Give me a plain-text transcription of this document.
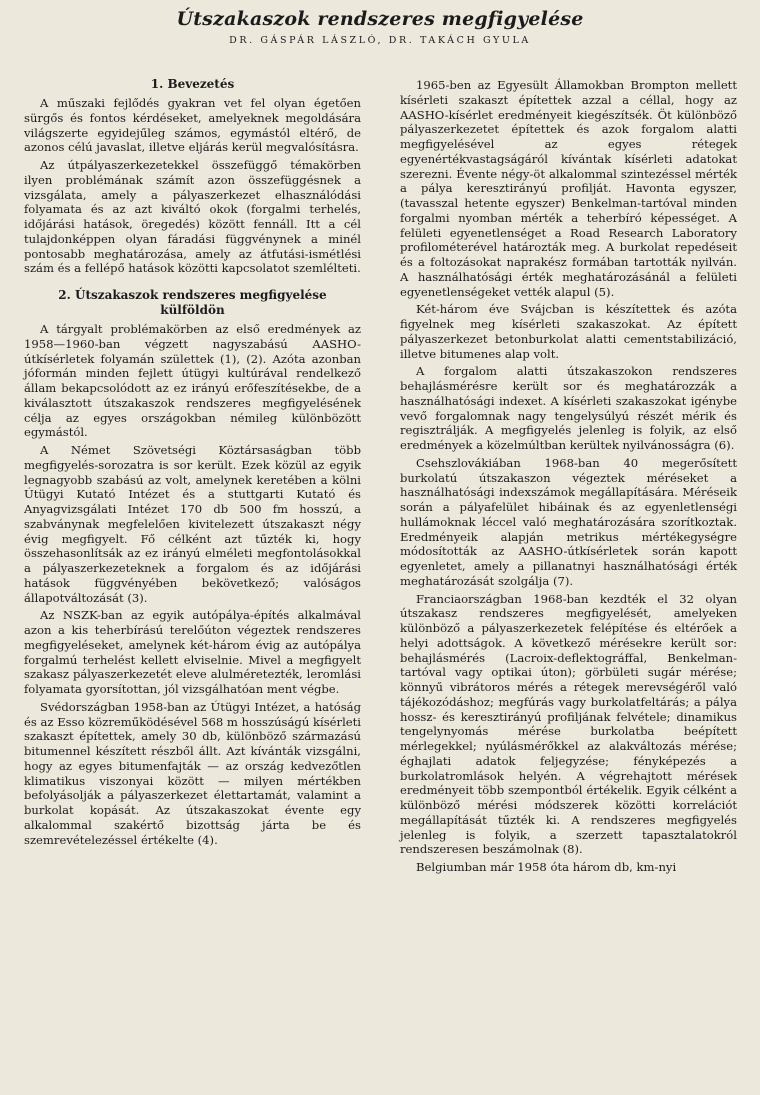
Útszakaszok rendszeres megfigyelése
DR. GÁSPÁR LÁSZLÓ, DR. TAKÁCH GYULA
1. Bevezetés

A műszaki fejlődés gyakran vet fel olyan égetően sürgős és fontos kérdéseket, amelyeknek megoldására világszerte egyidejűleg számos, egymástól eltérő, de azonos célú javaslat, illetve eljárás kerül megvalósításra.

Az útpályaszerkezetekkel összefüggő témakörben ilyen problémának számít azon összefüggésnek a vizsgálata, amely a pályaszerkezet elhasználódási folyamata és az azt kiváltó okok (forgalmi terhelés, időjárási hatások, öregedés) között fennáll. Itt a cél tulajdonképpen olyan fáradási függvénynek a minél pontosabb meghatározása, amely az átfutási-ismétlési szám és a fellépő hatások közötti kapcsolatot szemlélteti.

2. Útszakaszok rendszeres megfigyelése külföldön

A tárgyalt problémakörben az első eredmények az 1958—1960-ban végzett nagyszabású AASHO-útkísérletek folyamán születtek (1), (2). Azóta azonban jóformán minden fejlett útügyi kultúrával rendelkező állam bekapcsolódott az ez irányú erőfeszítésekbe, de a kiválasztott útszakaszok rendszeres megfigyelésének célja az egyes országokban némileg különbözött egymástól.

A Német Szövetségi Köztársaságban több megfigyelés-sorozatra is sor került. Ezek közül az egyik legnagyobb szabású az volt, amelynek keretében a kölni Útügyi Kutató Intézet és a stuttgarti Kutató és Anyagvizsgálati Intézet 170 db 500 fm hosszú, a szabványnak megfelelően kivitelezett útszakaszt négy évig megfigyelt. Fő célként azt tűzték ki, hogy összehasonlítsák az ez irányú elméleti megfontolásokkal a pályaszerkezeteknek a forgalom és az időjárási hatások függvényében bekövetkező; valóságos állapotváltozását (3).

Az NSZK-ban az egyik autópálya-építés alkalmával azon a kis teherbírású terelőúton végeztek rendszeres megfigyeléseket, amelynek két-három évig az autópálya forgalmú terhelést kellett elviselnie. Mivel a megfigyelt szakasz pályaszerkezetét eleve alulméretezték, leromlási folyamata gyorsítottan, jól vizsgálhatóan ment végbe.

Svédországban 1958-ban az Útügyi Intézet, a hatóság és az Esso közreműködésével 568 m hosszúságú kísérleti szakaszt építettek, amely 30 db, különböző származású bitumennel készített részből állt. Azt kívánták vizsgálni, hogy az egyes bitumenfajták — az ország kedvezőtlen klimatikus viszonyai között — milyen mértékben befolyásolják a pályaszerkezet élettartamát, valamint a burkolat kopását. Az útszakaszokat évente egy alkalommal szakértő bizottság járta be és szemrevételezéssel értékelte (4).

1965-ben az Egyesült Államokban Brompton mellett kísérleti szakaszt építettek azzal a céllal, hogy az AASHO-kísérlet eredményeit kiegészítsék. Öt különböző pályaszerkezetet építettek és azok forgalom alatti megfigyelésével az egyes rétegek egyenértékvastagságáról kívántak kísérleti adatokat szerezni. Évente négy-öt alkalommal szintezéssel mérték a pálya keresztirányú profilját. Havonta egyszer, (tavasszal hetente egyszer) Benkelman-tartóval minden forgalmi nyomban mérték a teherbíró képességet. A felületi egyenetlenséget a Road Research Laboratory profilométerével határozták meg. A burkolat repedéseit és a foltozásokat naprakész formában tartották nyilván. A használhatósági érték meghatározásánál a felületi egyenetlenségeket vették alapul (5).

Két-három éve Svájcban is készítettek és azóta figyelnek meg kísérleti szakaszokat. Az épített pályaszerkezet betonburkolat alatti cementstabilizáció, illetve bitumenes alap volt.

A forgalom alatti útszakaszokon rendszeres behajlásmérésre került sor és meghatározzák a használhatósági indexet. A kísérleti szakaszokat igénybe vevő forgalomnak nagy tengelysúlyú részét mérik és regisztrálják. A megfigyelés jelenleg is folyik, az első eredmények a közelmúltban kerültek nyilvánosságra (6).

Csehszlovákiában 1968-ban 40 megerősített burkolatú útszakaszon végeztek méréseket a használhatósági indexszámok megállapítására. Méréseik során a pályafelület hibáinak és az egyenletlenségi hullámoknak léccel való meghatározására szorítkoztak. Eredményeik alapján metrikus mértékegységre módosították az AASHO-útkísérletek során kapott egyenletet, amely a pillanatnyi használhatósági érték meghatározását szolgálja (7).

Franciaországban 1968-ban kezdték el 32 olyan útszakasz rendszeres megfigyelését, amelyeken különböző a pályaszerkezetek felépítése és eltérőek a helyi adottságok. A következő mérésekre került sor: behajlásmérés (Lacroix-deflektográffal, Benkelman-tartóval vagy optikai úton); görbületi sugár mérése; könnyű vibrátoros mérés a rétegek merevségéről való tájékozódáshoz; megfúrás vagy burkolatfeltárás; a pálya hossz- és keresztirányú profiljának felvétele; dinamikus tengelynyomás mérése burkolatba beépített mérlegekkel; nyúlásmérőkkel az alakváltozás mérése; éghajlati adatok feljegyzése; fényképezés a burkolatromlások helyén. A végrehajtott mérések eredményeit több szempontból értékelik. Egyik célként a különböző mérési módszerek közötti korrelációt megállapítását tűzték ki. A rendszeres megfigyelés jelenleg is folyik, a szerzett tapasztalatokról rendszeresen beszámolnak (8).

Belgiumban már 1958 óta három db, km-nyi
